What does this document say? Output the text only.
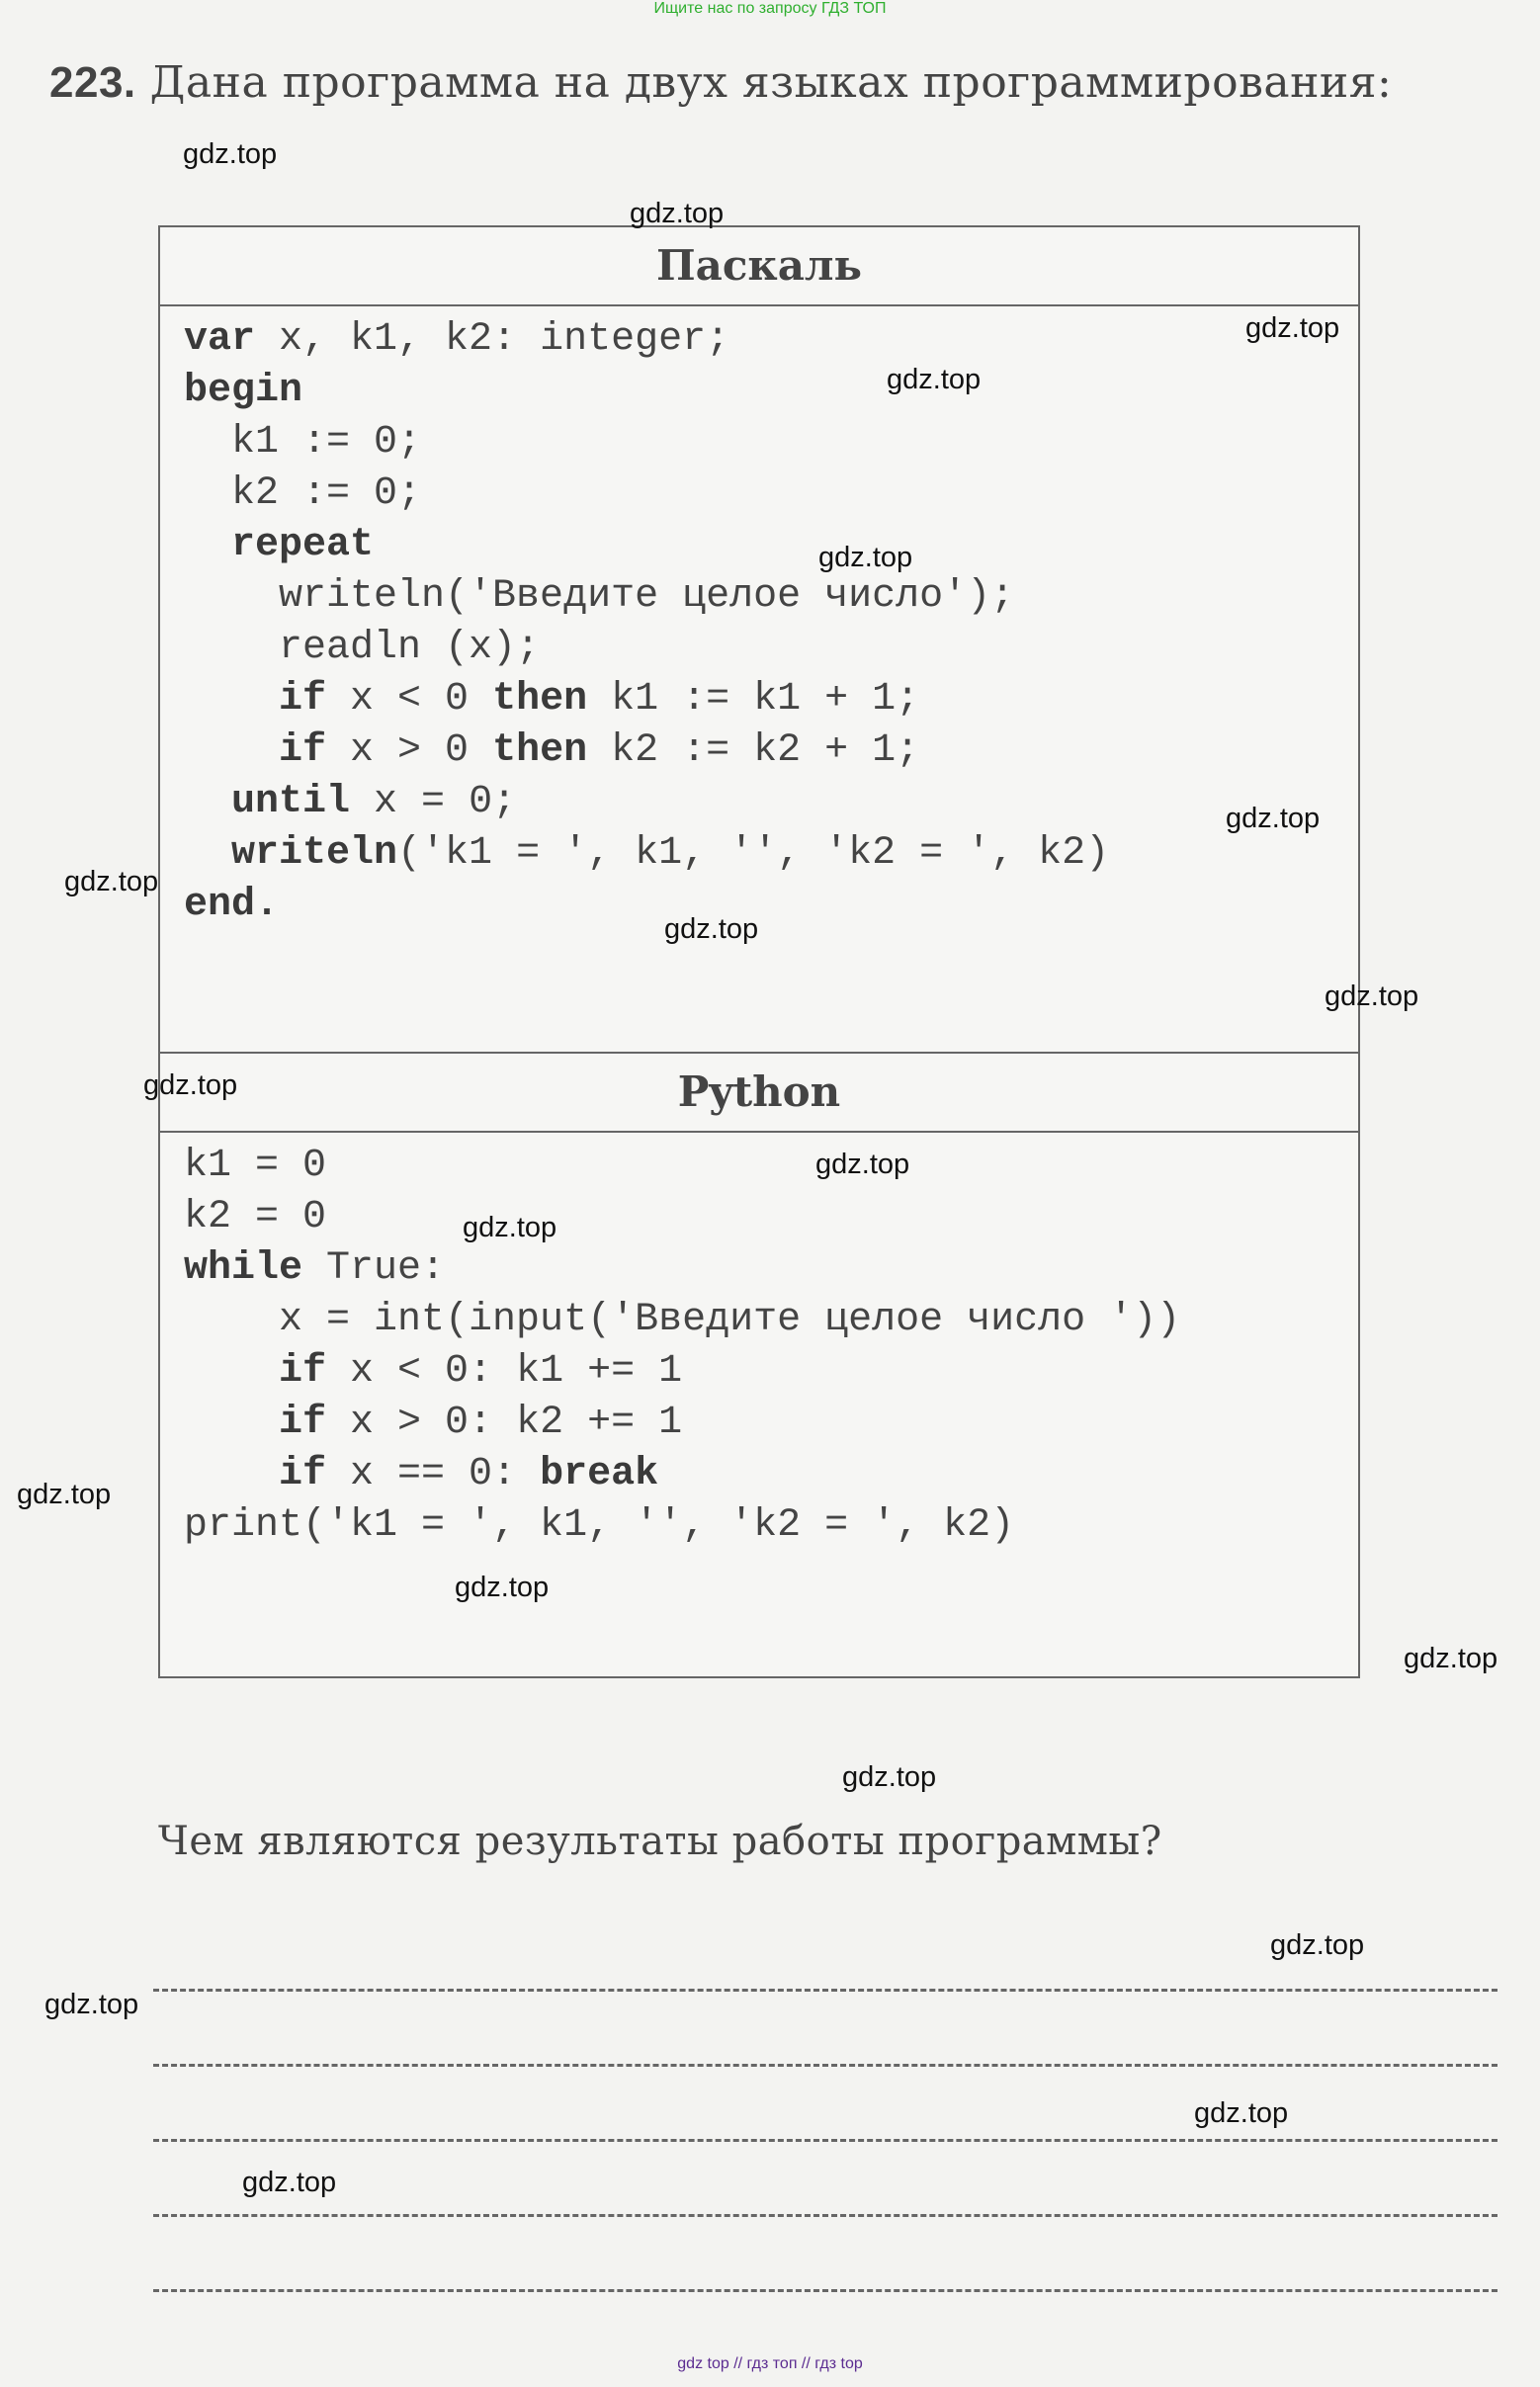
Ищите нас по запросу ГДЗ ТОП
223. Дана программа на двух языках программирования:
Паскаль
var x, k1, k2: integer;
begin
k1 := 0;
k2 := 0;
repeat
writeln('Введите целое число');
readln (x);
if x < 0 then k1 := k1 + 1;
if x > 0 then k2 := k2 + 1;
until x = 0;
writeln('k1 = ', k1, '', 'k2 = ', k2)
end.
Python
k1 = 0
k2 = 0
while True:
x = int(input('Введите целое число '))
if x < 0: k1 += 1
if x > 0: k2 += 1
if x == 0: break
print('k1 = ', k1, '', 'k2 = ', k2)
Чем являются результаты работы программы?
gdz.top
gdz.top
gdz.top
gdz.top
gdz.top
gdz.top
gdz.top
gdz.top
gdz.top
gdz.top
gdz.top
gdz.top
gdz.top
gdz.top
gdz.top
gdz.top
gdz.top
gdz.top
gdz.top
gdz.top
gdz top // гдз топ // гдз top
